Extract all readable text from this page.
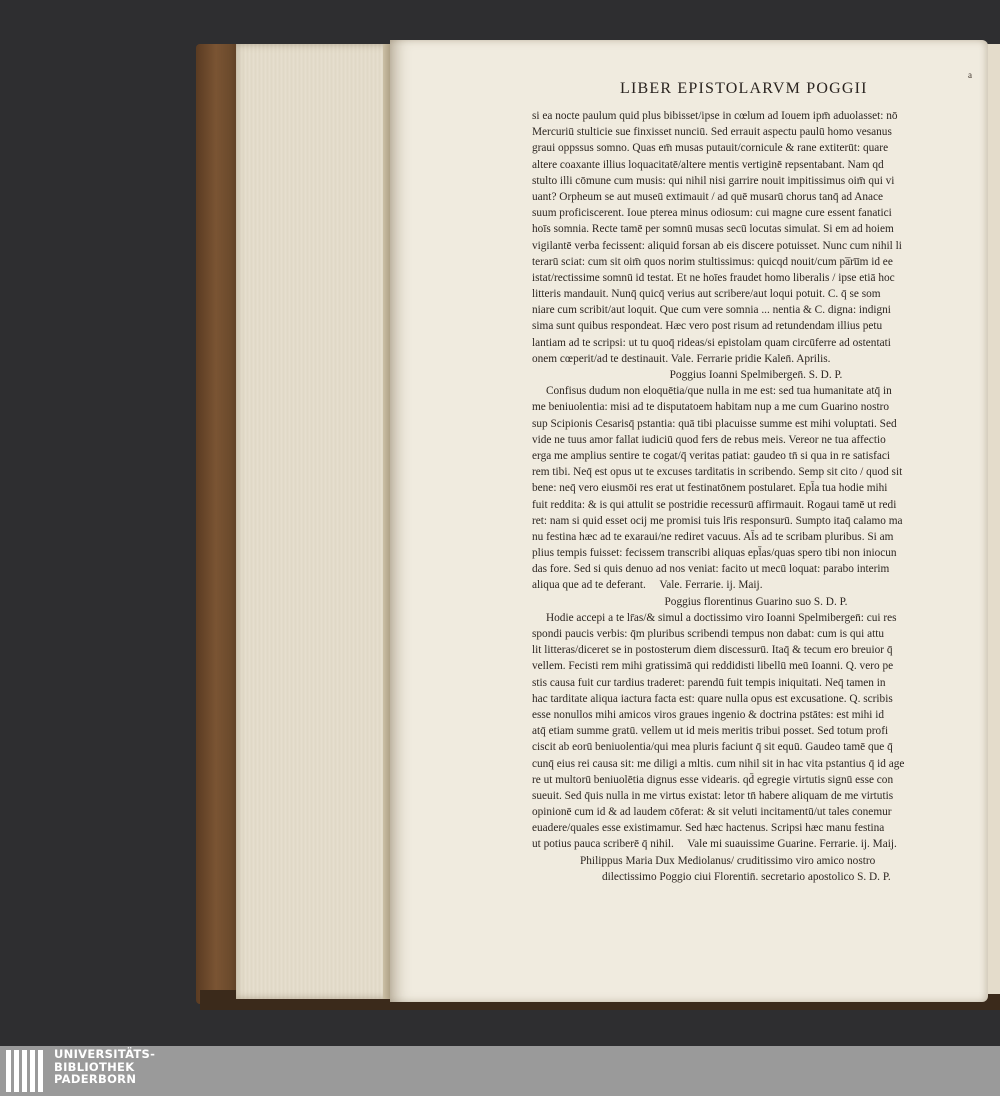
a
LIBER EPISTOLARVM POGGII
si ea nocte paulum quid plus bibisset/ipse in cœlum ad Iouem ipm̄ aduolasset: nō
Mercuriū stulticie sue finxisset nunciū. Sed errauit aspectu paulū homo vesanus
graui oppssus somno. Quas em̄ musas putauit/cornicule & rane extiterūt: quare
altere coaxante illius loquacitatē/altere mentis vertiginē repsentabant. Nam qd
stulto illi cōmune cum musis: qui nihil nisi garrire nouit impitissimus oim̄ qui vi
uant? Orpheum se aut museū extimauit / ad quē musarū chorus tanq̄ ad Anace
suum proficiscerent. Ioue pterea minus odiosum: cui magne cure essent fanatici
hoīs somnia. Recte tamē per somnū musas secū locutas simulat. Si em ad hoiem
vigilantē verba fecissent: aliquid forsan ab eis discere potuisset. Nunc cum nihil li
terarū sciat: cum sit oim̄ quos norim stultissimus: quicqd nouit/cum pa̅ru̅m id ee
istat/rectissime somnū id testat. Et ne hoīes fraudet homo liberalis / ipse etiā hoc
litteris mandauit. Nunq̄ quicq̄ verius aut scribere/aut loqui potuit. C. q̄ se som
niare cum scribit/aut loquit. Que cum vere somnia ... nentia & C. digna: indigni
sima sunt quibus respondeat. Hæc vero post risum ad retundendam illius petu
lantiam ad te scripsi: ut tu quoq̄ rideas/si epistolam quam circūferre ad ostentati
onem cœperit/ad te destinauit. Vale. Ferrarie pridie Kalen̄. Aprilis.
Poggius Ioanni Spelmibergen̄. S. D. P.
Confisus dudum non eloquētia/que nulla in me est: sed tua humanitate atq̄ in
me beniuolentia: misi ad te disputatoem habitam nup a me cum Guarino nostro
sup Scipionis Cesarisq̄ pstantia: quā tibi placuisse summe est mihi voluptati. Sed
vide ne tuus amor fallat iudiciū quod fers de rebus meis. Vereor ne tua affectio
erga me amplius sentire te cogat/q̄ veritas patiat: gaudeo tn̄ si qua in re satisfaci
rem tibi. Neq̄ est opus ut te excuses tarditatis in scribendo. Semp sit cito / quod sit
bene: neq̄ vero eiusmōi res erat ut festinatōnem postularet. Epl̄a tua hodie mihi
fuit reddita: & is qui attulit se postridie recessurū affirmauit. Rogaui tamē ut redi
ret: nam si quid esset ocij me promisi tuis lr̄is responsurū. Sumpto itaq̄ calamo ma
nu festina hæc ad te exaraui/ne rediret vacuus. Al̄s ad te scribam pluribus. Si am
plius tempis fuisset: fecissem transcribi aliquas epl̄as/quas spero tibi non iniocun
das fore. Sed si quis denuo ad nos veniat: facito ut mecū loquat: parabo interim
aliqua que ad te deferant. Vale. Ferrarie. ij. Maij.
Poggius florentinus Guarino suo S. D. P.
Hodie accepi a te lr̄as/& simul a doctissimo viro Ioanni Spelmibergen̄: cui res
spondi paucis verbis: q̄m pluribus scribendi tempus non dabat: cum is qui attu
lit litteras/diceret se in postosterum diem discessurū. Itaq̄ & tecum ero breuior q̄
vellem. Fecisti rem mihi gratissimā qui reddidisti libellū meū Ioanni. Q. vero pe
stis causa fuit cur tardius traderet: parendū fuit tempis iniquitati. Neq̄ tamen in
hac tarditate aliqua iactura facta est: quare nulla opus est excusatione. Q. scribis
esse nonullos mihi amicos viros graues ingenio & doctrina pstātes: est mihi id
atq̄ etiam summe gratū. vellem ut id meis meritis tribui posset. Sed totum profi
ciscit ab eorū beniuolentia/qui mea pluris faciunt q̄ sit equū. Gaudeo tamē que q̄
cunq̄ eius rei causa sit: me diligi a mltis. cum nihil sit in hac vita pstantius q̄ id age
re ut multorū beniuolētia dignus esse videaris. qd̄ egregie virtutis signū esse con
sueuit. Sed q̄uis nulla in me virtus existat: letor tn̄ habere aliquam de me virtutis
opinionē cum id & ad laudem cōferat: & sit veluti incitamentū/ut tales conemur
euadere/quales esse existimamur. Sed hæc hactenus. Scripsi hæc manu festina
ut potius pauca scriberē q̄ nihil. Vale mi suauissime Guarine. Ferrarie. ij. Maij.
Philippus Maria Dux Mediolanus/ cruditissimo viro amico nostro
dilectissimo Poggio ciui Florentin̄. secretario apostolico S. D. P.
UNIVERSITÄTS-
BIBLIOTHEK
PADERBORN
